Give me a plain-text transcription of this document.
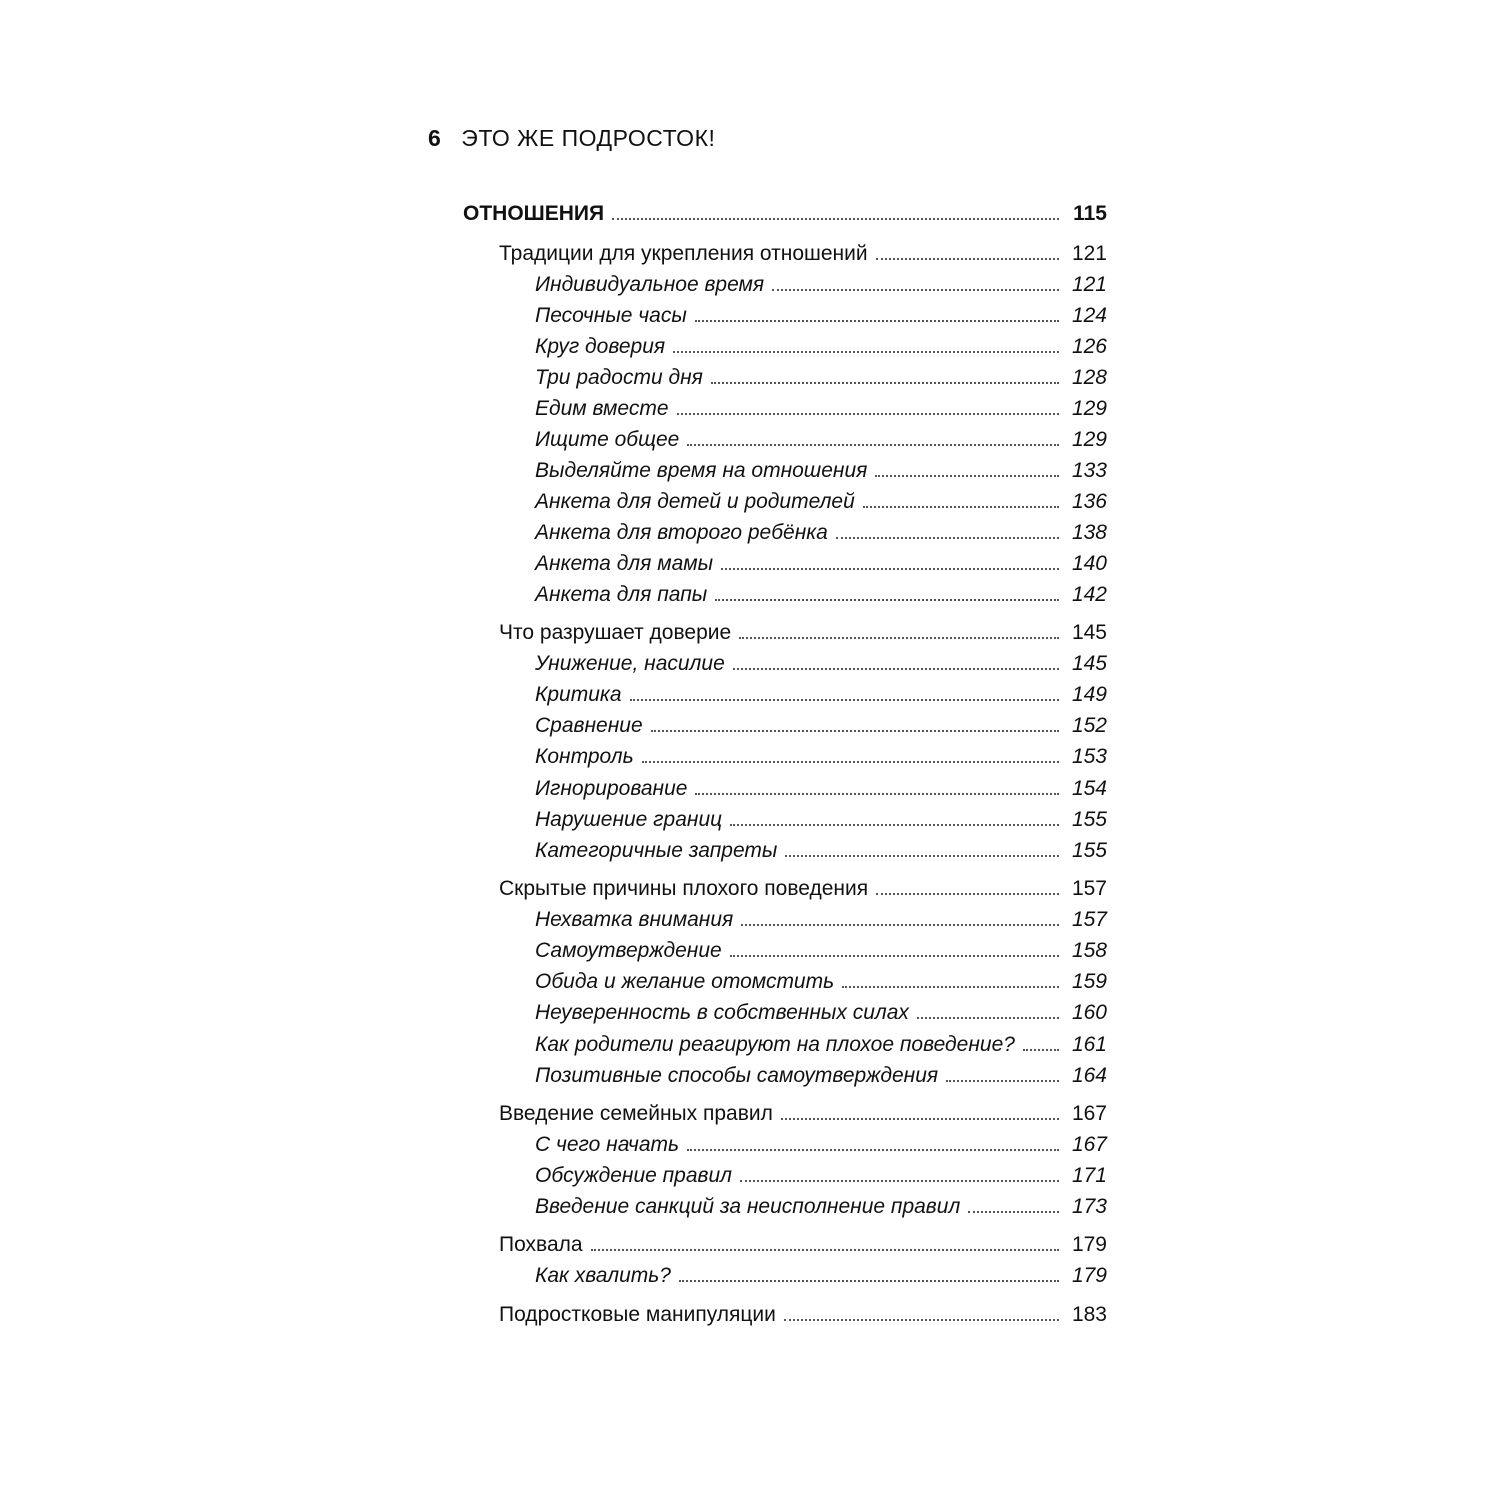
6 ЭТО ЖЕ ПОДРОСТОК!
ОТНОШЕНИЯ	115
Традиции для укрепления отношений	121
Индивидуальное время	121
Песочные часы	124
Круг доверия	126
Три радости дня	128
Едим вместе	129
Ищите общее	129
Выделяйте время на отношения	133
Анкета для детей и родителей	136
Анкета для второго ребёнка	138
Анкета для мамы	140
Анкета для папы	142
Что разрушает доверие	145
Унижение, насилие	145
Критика	149
Сравнение	152
Контроль	153
Игнорирование	154
Нарушение границ	155
Категоричные запреты	155
Скрытые причины плохого поведения	157
Нехватка внимания	157
Самоутверждение	158
Обида и желание отомстить	159
Неуверенность в собственных силах	160
Как родители реагируют на плохое поведение?	161
Позитивные способы самоутверждения	164
Введение семейных правил	167
С чего начать	167
Обсуждение правил	171
Введение санкций за неисполнение правил	173
Похвала	179
Как хвалить?	179
Подростковые манипуляции	183
